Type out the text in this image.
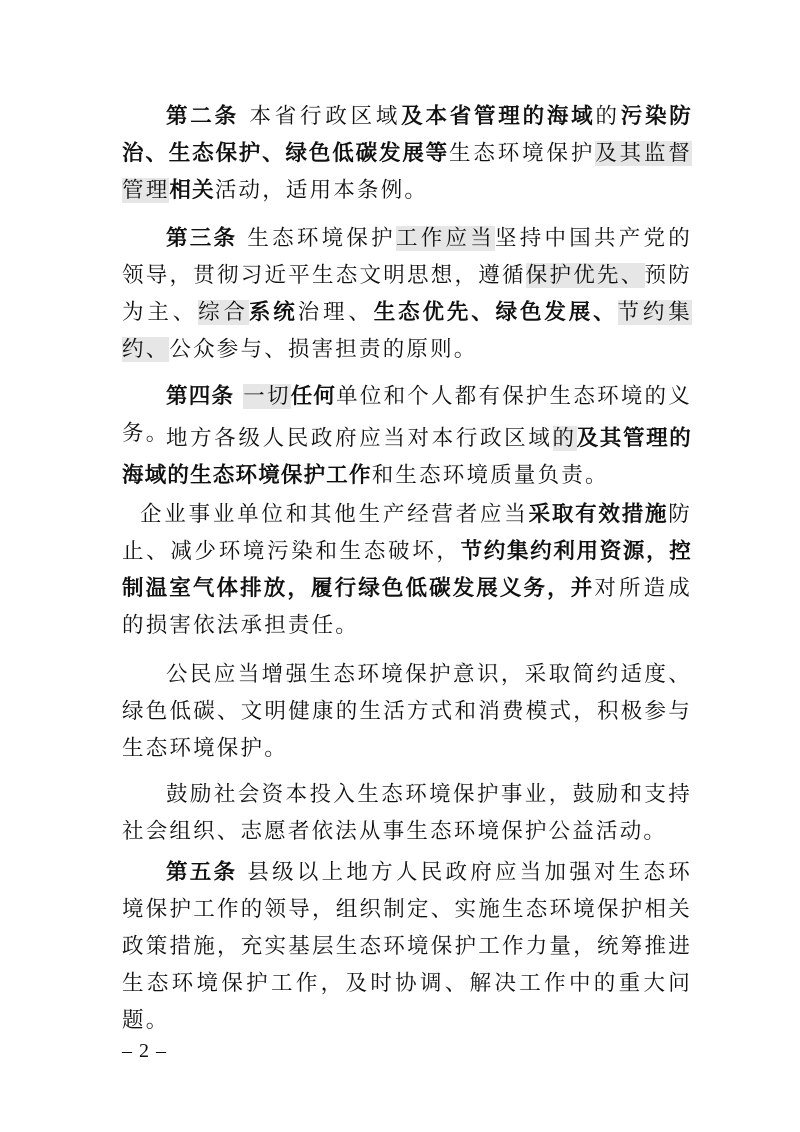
第二条 本省行政区域及本省管理的海域的污染防治、生态保护、绿色低碳发展等生态环境保护及其监督管理相关活动，适用本条例。

第三条 生态环境保护工作应当坚持中国共产党的领导，贯彻习近平生态文明思想，遵循保护优先、预防为主、综合系统治理、生态优先、绿色发展、节约集约、公众参与、损害担责的原则。

第四条 一切任何单位和个人都有保护生态环境的义务。

地方各级人民政府应当对本行政区域的及其管理的海域的生态环境保护工作和生态环境质量负责。

企业事业单位和其他生产经营者应当采取有效措施防止、减少环境污染和生态破坏，节约集约利用资源，控制温室气体排放，履行绿色低碳发展义务，并对所造成的损害依法承担责任。

公民应当增强生态环境保护意识，采取简约适度、绿色低碳、文明健康的生活方式和消费模式，积极参与生态环境保护。

鼓励社会资本投入生态环境保护事业，鼓励和支持社会组织、志愿者依法从事生态环境保护公益活动。

第五条 县级以上地方人民政府应当加强对生态环境保护工作的领导，组织制定、实施生态环境保护相关政策措施，充实基层生态环境保护工作力量，统筹推进生态环境保护工作，及时协调、解决工作中的重大问题。

– 2 –
